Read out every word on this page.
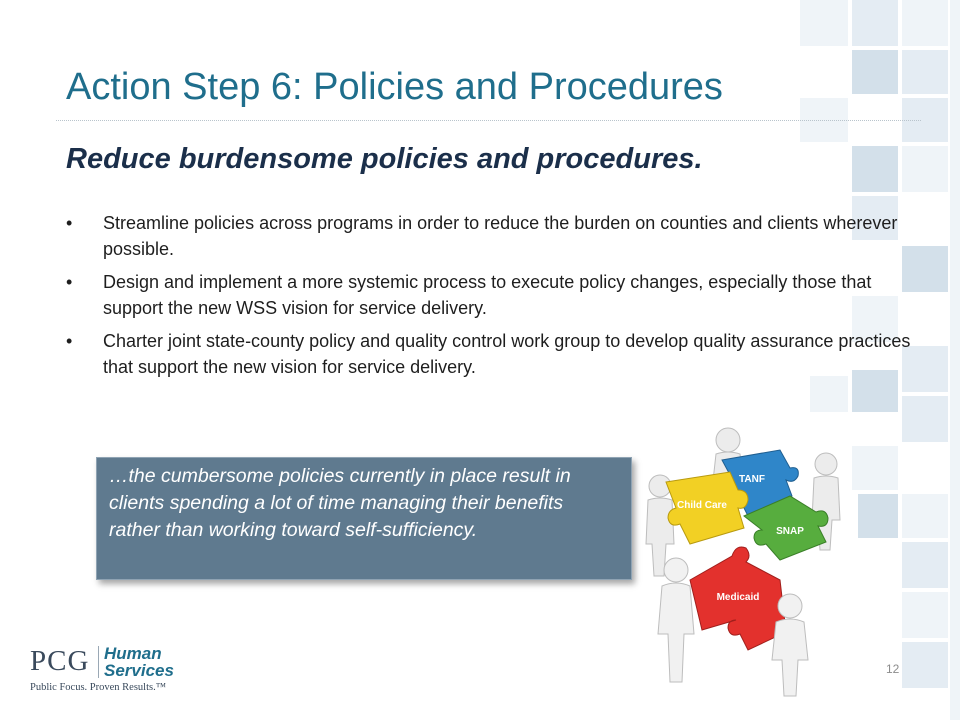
Action Step 6: Policies and Procedures
Reduce burdensome policies and procedures.
• Streamline policies across programs in order to reduce the burden on counties and clients wherever possible.
• Design and implement a more systemic process to execute policy changes, especially those that support the new WSS vision for service delivery.
• Charter joint state-county policy and quality control work group to develop quality assurance practices that support the new vision for service delivery.

…the cumbersome policies currently in place result in clients spending a lot of time managing their benefits rather than working toward self-sufficiency.

TANF
Child Care
SNAP
Medicaid
PCG Human
Services
Public Focus. Proven Results.™
12
